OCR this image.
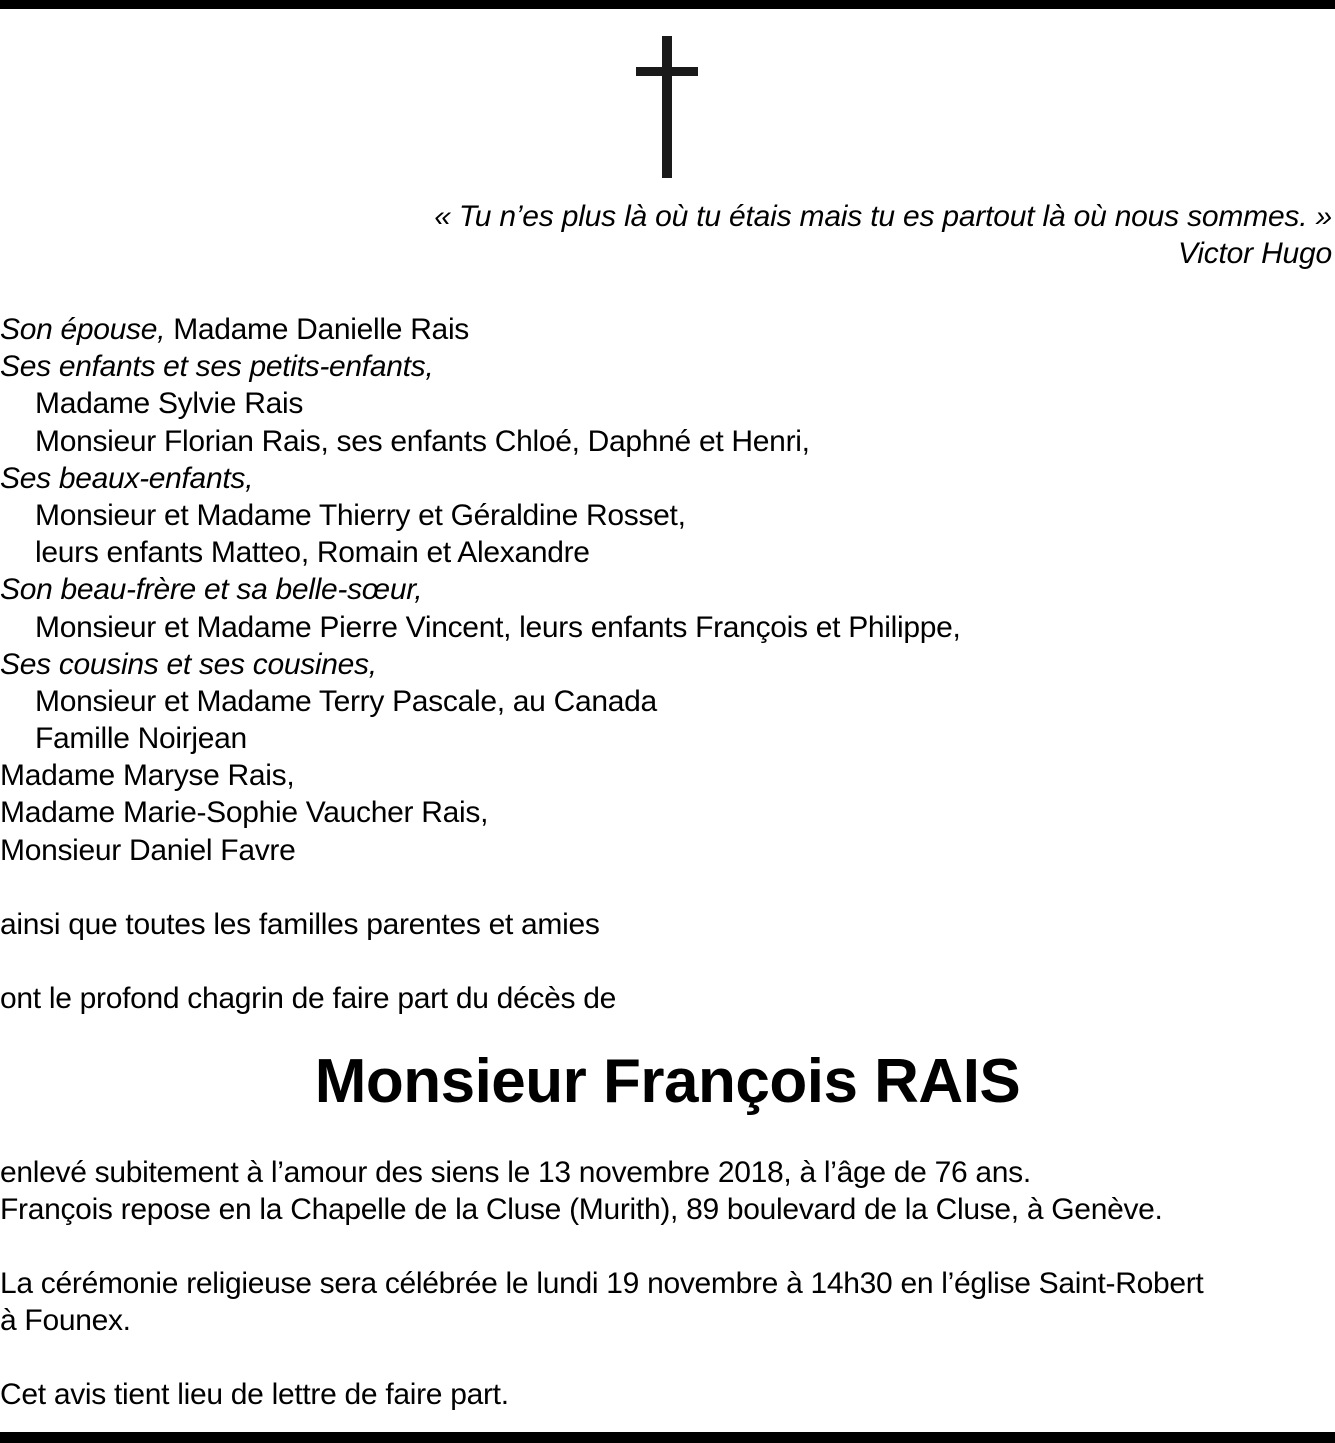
« Tu n’es plus là où tu étais mais tu es partout là où nous sommes. »
Victor Hugo
Son épouse, Madame Danielle Rais
Ses enfants et ses petits-enfants,
Madame Sylvie Rais
Monsieur Florian Rais, ses enfants Chloé, Daphné et Henri,
Ses beaux-enfants,
Monsieur et Madame Thierry et Géraldine Rosset,
leurs enfants Matteo, Romain et Alexandre
Son beau-frère et sa belle-sœur,
Monsieur et Madame Pierre Vincent, leurs enfants François et Philippe,
Ses cousins et ses cousines,
Monsieur et Madame Terry Pascale, au Canada
Famille Noirjean
Madame Maryse Rais,
Madame Marie-Sophie Vaucher Rais,
Monsieur Daniel Favre
ainsi que toutes les familles parentes et amies
ont le profond chagrin de faire part du décès de
Monsieur François RAIS
enlevé subitement à l’amour des siens le 13 novembre 2018, à l’âge de 76 ans.
François repose en la Chapelle de la Cluse (Murith), 89 boulevard de la Cluse, à Genève.
La cérémonie religieuse sera célébrée le lundi 19 novembre à 14h30 en l’église Saint-Robert
à Founex.
Cet avis tient lieu de lettre de faire part.
